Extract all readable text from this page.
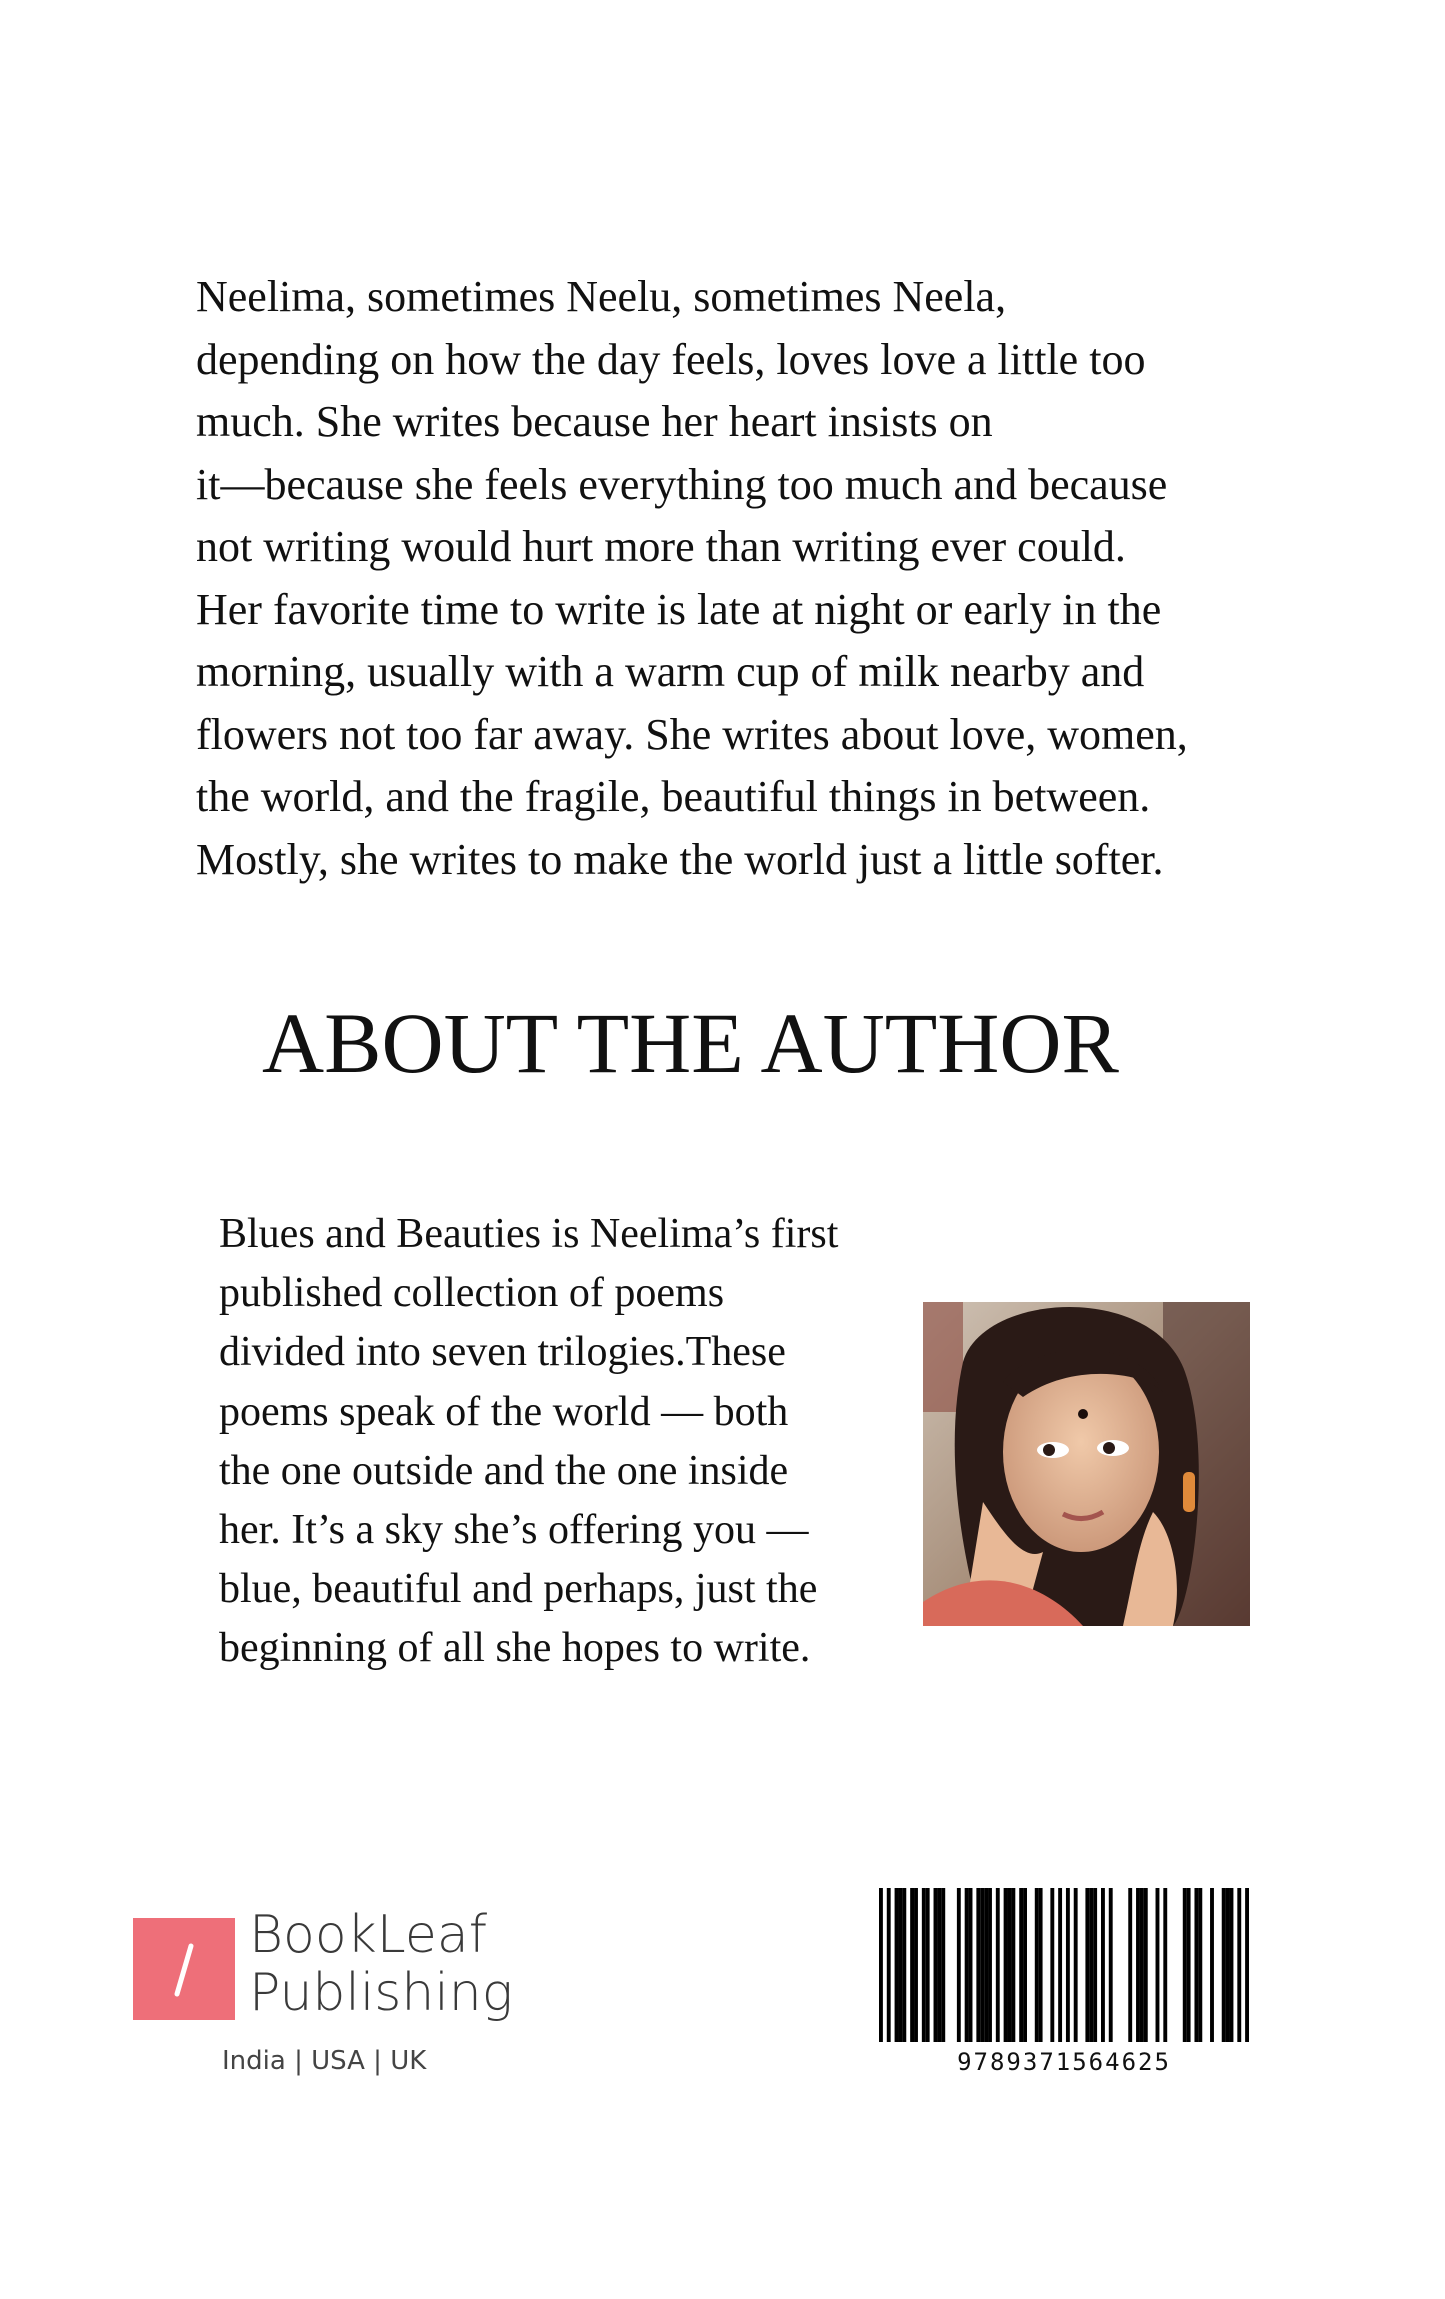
Neelima, sometimes Neelu, sometimes Neela,
depending on how the day feels, loves love a little too
much. She writes because her heart insists on
it—because she feels everything too much and because
not writing would hurt more than writing ever could.
Her favorite time to write is late at night or early in the
morning, usually with a warm cup of milk nearby and
flowers not too far away. She writes about love, women,
the world, and the fragile, beautiful things in between.
Mostly, she writes to make the world just a little softer.

ABOUT THE AUTHOR

Blues and Beauties is Neelima’s first
published collection of poems
divided into seven trilogies.These
poems speak of the world — both
the one outside and the one inside
her. It’s a sky she’s offering you —
blue, beautiful and perhaps, just the
beginning of all she hopes to write.

BookLeaf
Publishing
India | USA | UK	9789371564625
